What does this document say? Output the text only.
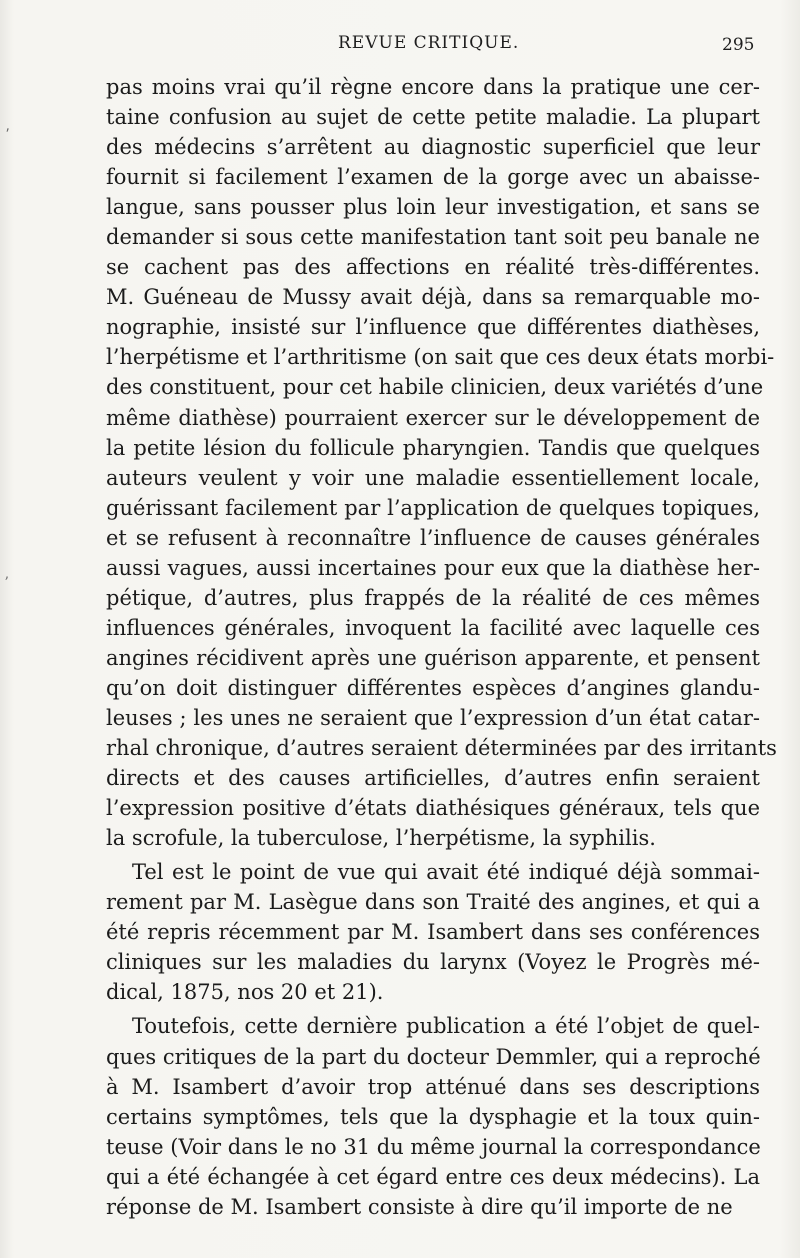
REVUE CRITIQUE.	295
⸴
ʼ
pas moins vrai qu’il règne encore dans la pratique une cer-
taine confusion au sujet de cette petite maladie. La plupart
des médecins s’arrêtent au diagnostic superficiel que leur
fournit si facilement l’examen de la gorge avec un abaisse-
langue, sans pousser plus loin leur investigation, et sans se
demander si sous cette manifestation tant soit peu banale ne
se cachent pas des affections en réalité très-différentes.
M. Guéneau de Mussy avait déjà, dans sa remarquable mo-
nographie, insisté sur l’influence que différentes diathèses,
l’herpétisme et l’arthritisme (on sait que ces deux états morbi-
des constituent, pour cet habile clinicien, deux variétés d’une
même diathèse) pourraient exercer sur le développement de
la petite lésion du follicule pharyngien. Tandis que quelques
auteurs veulent y voir une maladie essentiellement locale,
guérissant facilement par l’application de quelques topiques,
et se refusent à reconnaître l’influence de causes générales
aussi vagues, aussi incertaines pour eux que la diathèse her-
pétique, d’autres, plus frappés de la réalité de ces mêmes
influences générales, invoquent la facilité avec laquelle ces
angines récidivent après une guérison apparente, et pensent
qu’on doit distinguer différentes espèces d’angines glandu-
leuses ; les unes ne seraient que l’expression d’un état catar-
rhal chronique, d’autres seraient déterminées par des irritants
directs et des causes artificielles, d’autres enfin seraient
l’expression positive d’états diathésiques généraux, tels que
la scrofule, la tuberculose, l’herpétisme, la syphilis.
Tel est le point de vue qui avait été indiqué déjà sommai-
rement par M. Lasègue dans son Traité des angines, et qui a
été repris récemment par M. Isambert dans ses conférences
cliniques sur les maladies du larynx (Voyez le Progrès mé-
dical, 1875, nos 20 et 21).
Toutefois, cette dernière publication a été l’objet de quel-
ques critiques de la part du docteur Demmler, qui a reproché
à M. Isambert d’avoir trop atténué dans ses descriptions
certains symptômes, tels que la dysphagie et la toux quin-
teuse (Voir dans le no 31 du même journal la correspondance
qui a été échangée à cet égard entre ces deux médecins). La
réponse de M. Isambert consiste à dire qu’il importe de ne
